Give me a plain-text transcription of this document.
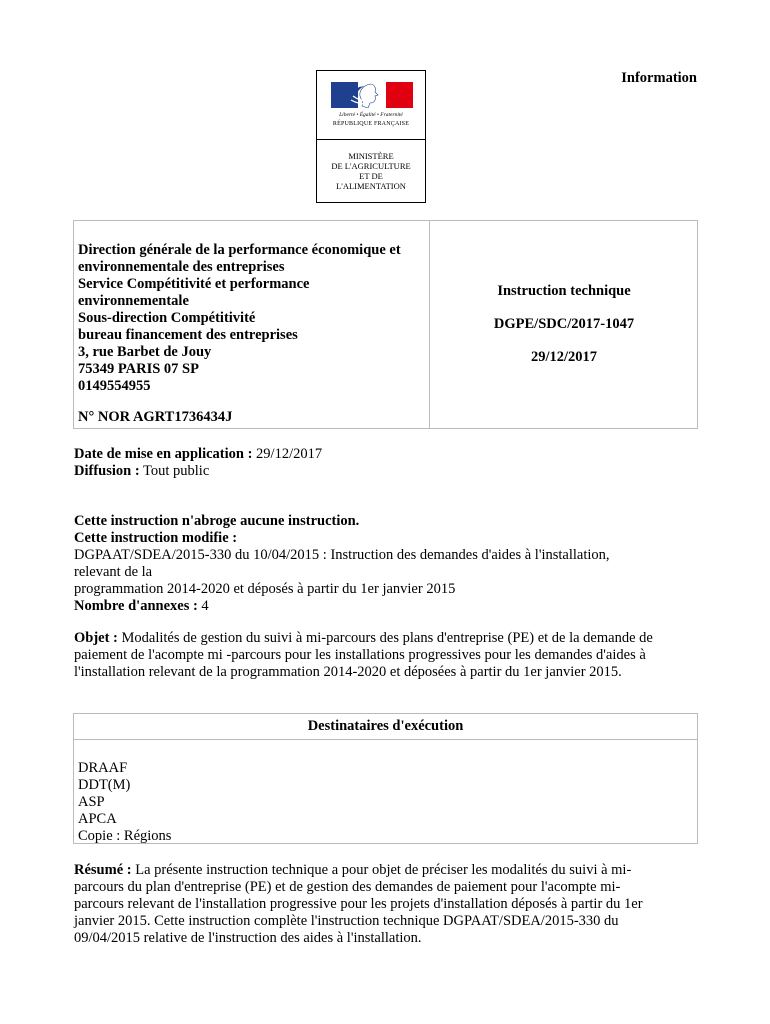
Information
Liberté • Égalité • Fraternité
RÉPUBLIQUE FRANÇAISE
MINISTÈRE
DE L'AGRICULTURE
ET DE
L'ALIMENTATION
Direction générale de la performance économique et
environnementale des entreprises
Service Compétitivité et performance
environnementale
Sous-direction Compétitivité
bureau financement des entreprises
3, rue Barbet de Jouy
75349 PARIS 07 SP
0149554955
N° NOR AGRT1736434J
Instruction technique
DGPE/SDC/2017-1047
29/12/2017
Date de mise en application : 29/12/2017
Diffusion : Tout public
Cette instruction n'abroge aucune instruction.
Cette instruction modifie :
DGPAAT/SDEA/2015-330 du 10/04/2015 : Instruction des demandes d'aides à l'installation,
relevant de la
programmation 2014-2020 et déposés à partir du 1er janvier 2015
Nombre d'annexes : 4
Objet : Modalités de gestion du suivi à mi-parcours des plans d'entreprise (PE) et de la demande de
paiement de l'acompte mi -parcours pour les installations progressives pour les demandes d'aides à
l'installation relevant de la programmation 2014-2020 et déposées à partir du 1er janvier 2015.
Destinataires d'exécution
DRAAF
DDT(M)
ASP
APCA
Copie : Régions
Résumé : La présente instruction technique a pour objet de préciser les modalités du suivi à mi-
parcours du plan d'entreprise (PE) et de gestion des demandes de paiement pour l'acompte mi-
parcours relevant de l'installation progressive pour les projets d'installation déposés à partir du 1er
janvier 2015. Cette instruction complète l'instruction technique DGPAAT/SDEA/2015-330 du
09/04/2015 relative de l'instruction des aides à l'installation.
